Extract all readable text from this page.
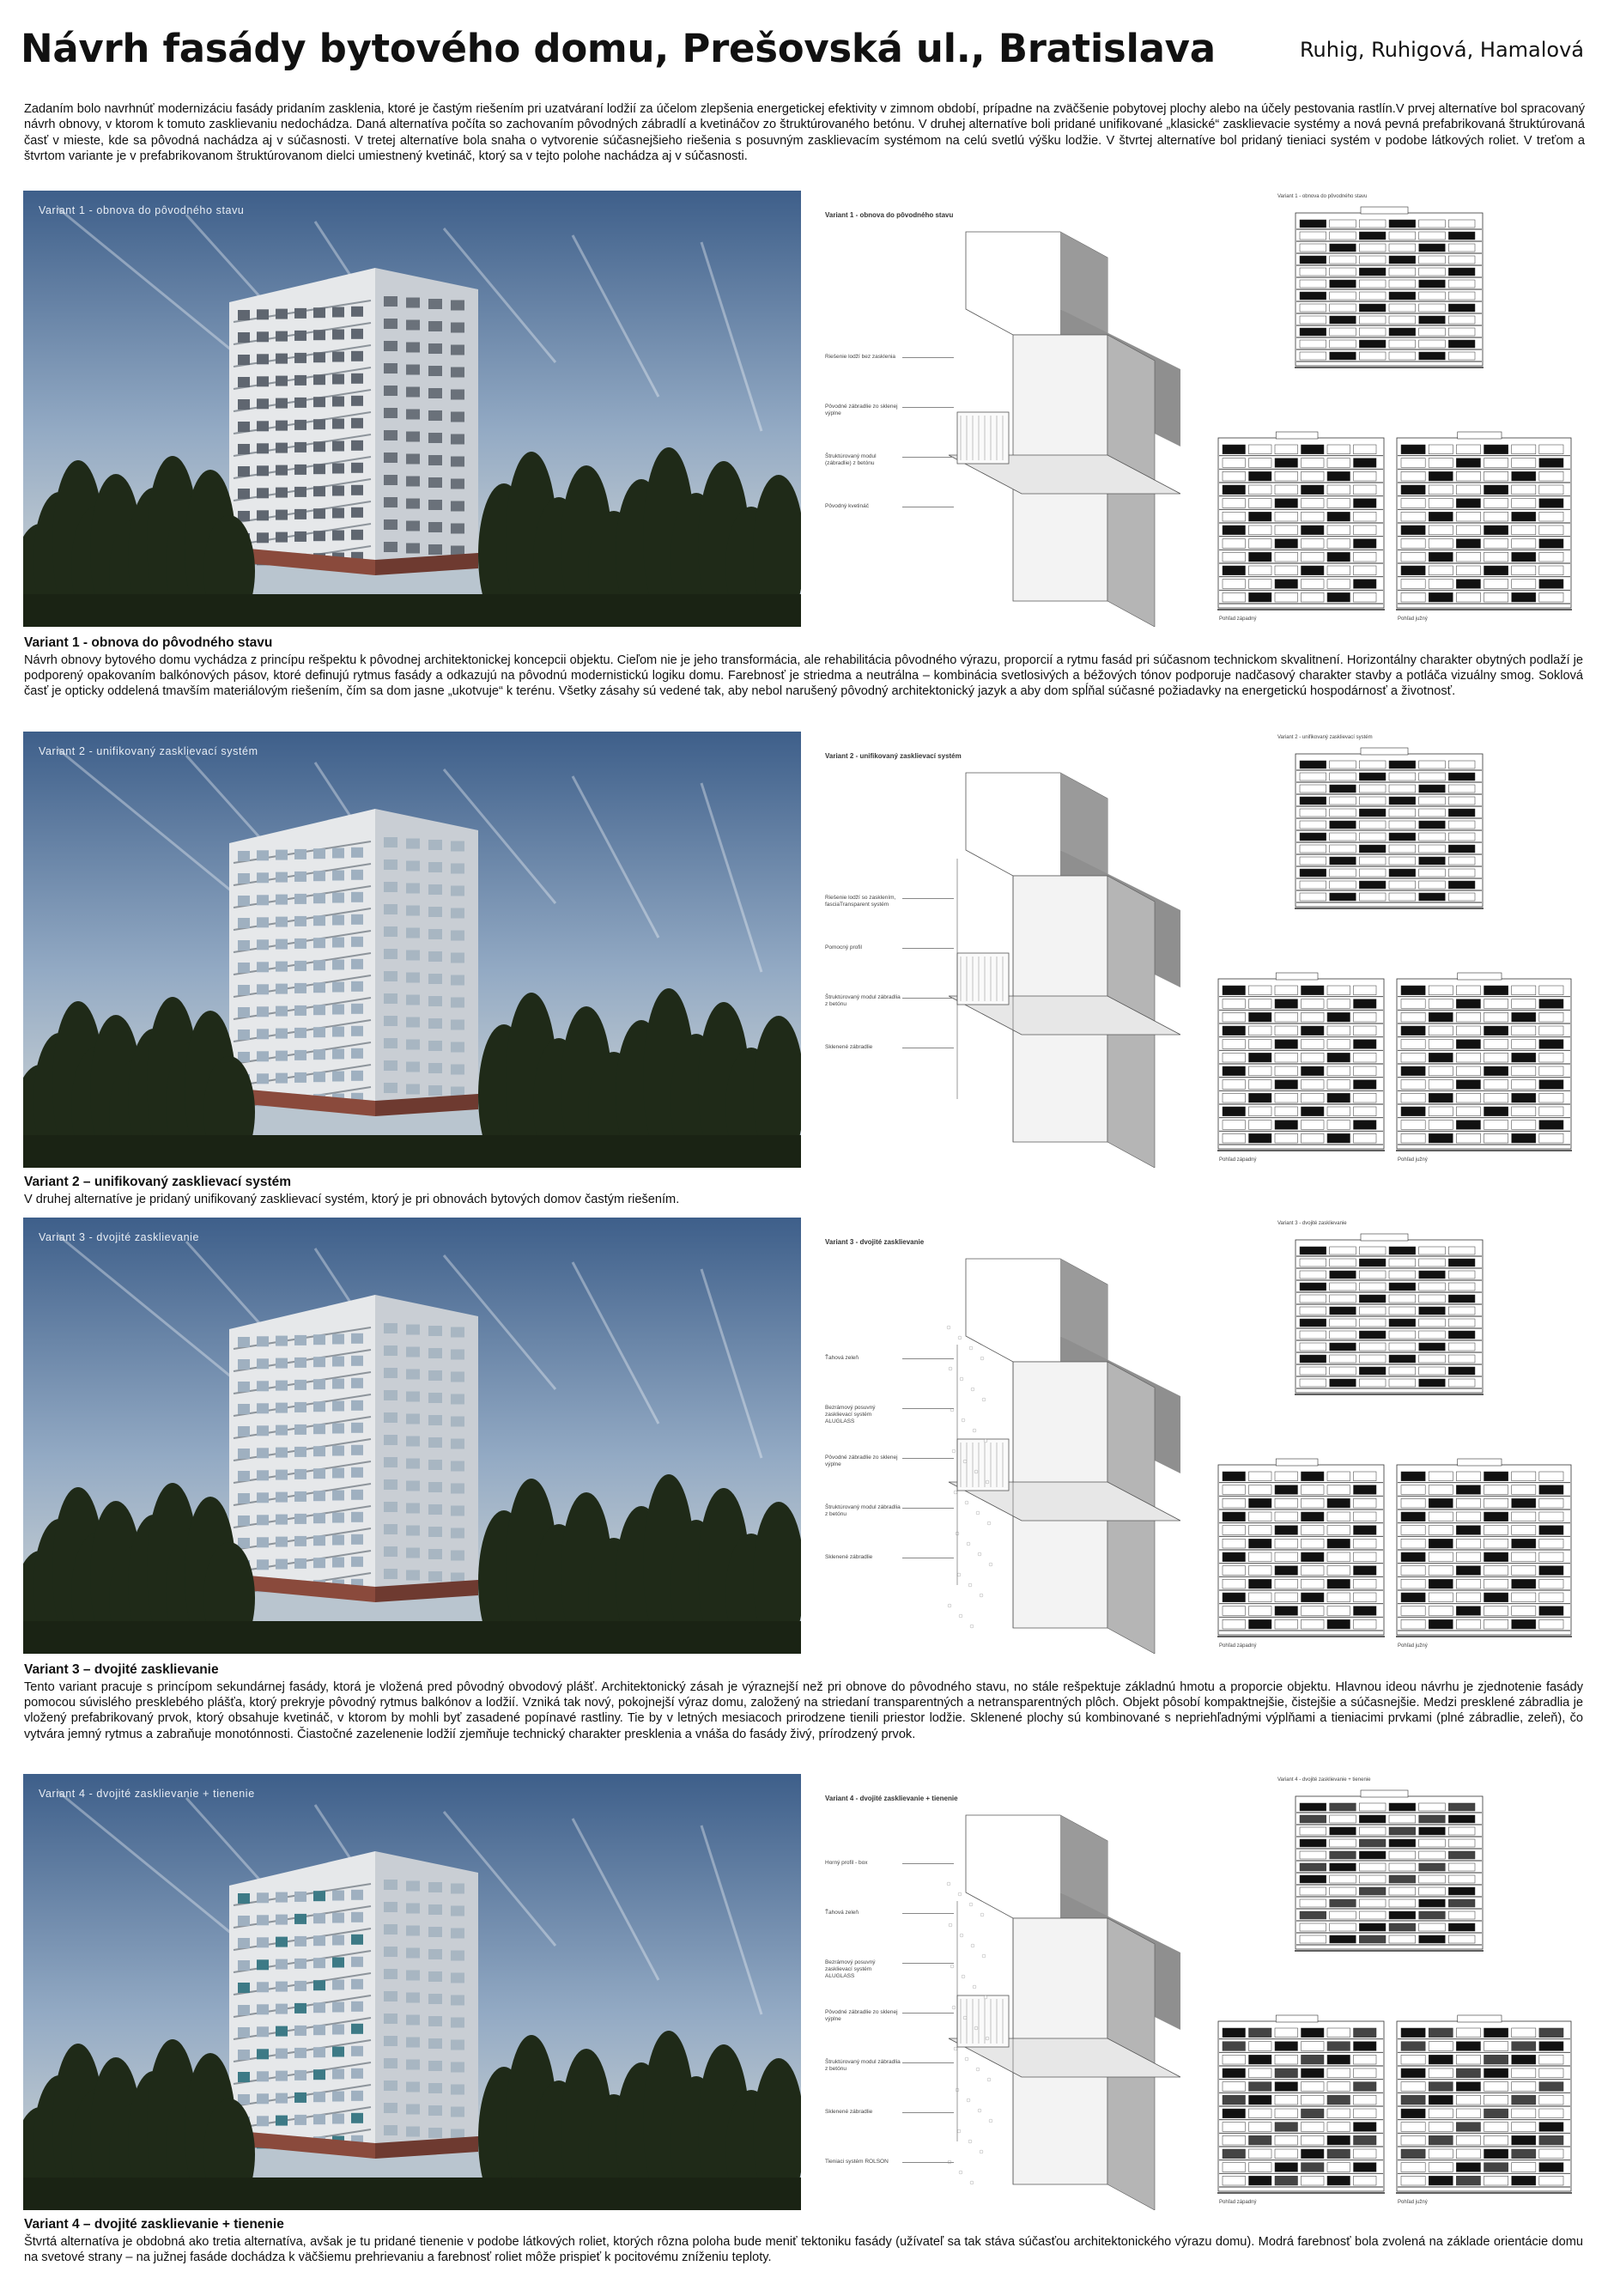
Návrh fasády bytového domu, Prešovská ul., Bratislava	Ruhig, Ruhigová, Hamalová
Zadaním bolo navrhnúť modernizáciu fasády pridaním zasklenia, ktoré je častým riešením pri uzatváraní lodžií za účelom zlepšenia energetickej efektivity v zimnom období, prípadne na zväčšenie pobytovej plochy alebo na účely pestovania rastlín.V prvej alternatíve bol spracovaný návrh obnovy, v ktorom k tomuto zasklievaniu nedochádza. Daná alternatíva počíta so zachovaním pôvodných zábradlí a kvetináčov zo štruktúrovaného betónu. V druhej alternatíve boli pridané unifikované „klasické“ zasklievacie systémy a nová pevná prefabrikovaná štruktúrovaná časť v mieste, kde sa pôvodná nachádza aj v súčasnosti. V tretej alternatíve bola snaha o vytvorenie súčasnejšieho riešenia s posuvným zasklievacím systémom na celú svetlú výšku lodžie. V štvrtej alternatíve bol pridaný tieniaci systém v podobe látkových roliet. V treťom a štvrtom variante je v prefabrikovanom štruktúrovanom dielci umiestnený kvetináč, ktorý sa v tejto polohe nachádza aj v súčasnosti.
Variant 1 - obnova do pôvodného stavu	Variant 1 - obnova do pôvodného stavu
Riešenie lodží bez zasklenia
Pôvodné zábradlie zo sklenej výplne
Štruktúrovaný modul (zábradlie) z betónu
Pôvodný kvetináč
Variant 1 - obnova do pôvodného stavu
Pohľad západný	Pohľad južný
Variant 1 - obnova do pôvodného stavu
Návrh obnovy bytového domu vychádza z princípu rešpektu k pôvodnej architektonickej koncepcii objektu. Cieľom nie je jeho transformácia, ale rehabilitácia pôvodného výrazu, proporcií a rytmu fasád pri súčasnom technickom skvalitnení. Horizontálny charakter obytných podlaží je podporený opakovaním balkónových pásov, ktoré definujú rytmus fasády a odkazujú na pôvodnú modernistickú logiku domu. Farebnosť je striedma a neutrálna – kombinácia svetlosivých a béžových tónov podporuje nadčasový charakter stavby a potláča vizuálny smog. Soklová časť je opticky oddelená tmavším materiálovým riešením, čím sa dom jasne „ukotvuje“ k terénu. Všetky zásahy sú vedené tak, aby nebol narušený pôvodný architektonický jazyk a aby dom spĺňal súčasné požiadavky na energetickú hospodárnosť a životnosť.
Variant 2 - unifikovaný zasklievací systém	Variant 2 - unifikovaný zasklievací systém
Riešenie lodží so zasklením, fasciaTransparent systém
Pomocný profil
Štruktúrovaný modul zábradlia z betónu
Sklenené zábradlie
Variant 2 - unifikovaný zasklievací systém
Pohľad západný	Pohľad južný
Variant 2 – unifikovaný zasklievací systém
V druhej alternatíve je pridaný unifikovaný zasklievací systém, ktorý je pri obnovách bytových domov častým riešením.
Variant 3 - dvojité zasklievanie	Variant 3 - dvojité zasklievanie
Ťahová zeleň
Bezrámový posuvný zasklievací systém ALUGLASS
Pôvodné zábradlie zo sklenej výplne
Štruktúrovaný modul zábradlia z betónu
Sklenené zábradlie
Variant 3 - dvojité zasklievanie
Pohľad západný	Pohľad južný
Variant 3 – dvojité zasklievanie
Tento variant pracuje s princípom sekundárnej fasády, ktorá je vložená pred pôvodný obvodový plášť. Architektonický zásah je výraznejší než pri obnove do pôvodného stavu, no stále rešpektuje základnú hmotu a proporcie objektu. Hlavnou ideou návrhu je zjednotenie fasády pomocou súvislého presklebého plášťa, ktorý prekryje pôvodný rytmus balkónov a lodžií. Vzniká tak nový, pokojnejší výraz domu, založený na striedaní transparentných a netransparentných plôch. Objekt pôsobí kompaktnejšie, čistejšie a súčasnejšie. Medzi presklené zábradlia je vložený prefabrikovaný prvok, ktorý obsahuje kvetináč, v ktorom by mohli byť zasadené popínavé rastliny. Tie by v letných mesiacoch prirodzene tienili priestor lodžie. Sklenené plochy sú kombinované s nepriehľadnými výplňami a tieniacimi prvkami (plné zábradlie, zeleň), čo vytvára jemný rytmus a zabraňuje monotónnosti. Čiastočné zazelenenie lodžií zjemňuje technický charakter presklenia a vnáša do fasády živý, prírodzený prvok.
Variant 4 - dvojité zasklievanie + tienenie	Variant 4 - dvojité zasklievanie + tienenie
Horný profil - box
Ťahová zeleň
Bezrámový posuvný zasklievací systém ALUGLASS
Pôvodné zábradlie zo sklenej výplne
Štruktúrovaný modul zábradlia z betónu
Sklenené zábradlie
Tieniaci systém ROLSON
Variant 4 - dvojité zasklievanie + tienenie
Pohľad západný	Pohľad južný
Variant 4 – dvojité zasklievanie + tienenie
Štvrtá alternatíva je obdobná ako tretia alternatíva, avšak je tu pridané tienenie v podobe látkových roliet, ktorých rôzna poloha bude meniť tektoniku fasády (užívateľ sa tak stáva súčasťou architektonického výrazu domu). Modrá farebnosť bola zvolená na základe orientácie domu na svetové strany – na južnej fasáde dochádza k väčšiemu prehrievaniu a farebnosť roliet môže prispieť k pocitovému zníženiu teploty.
